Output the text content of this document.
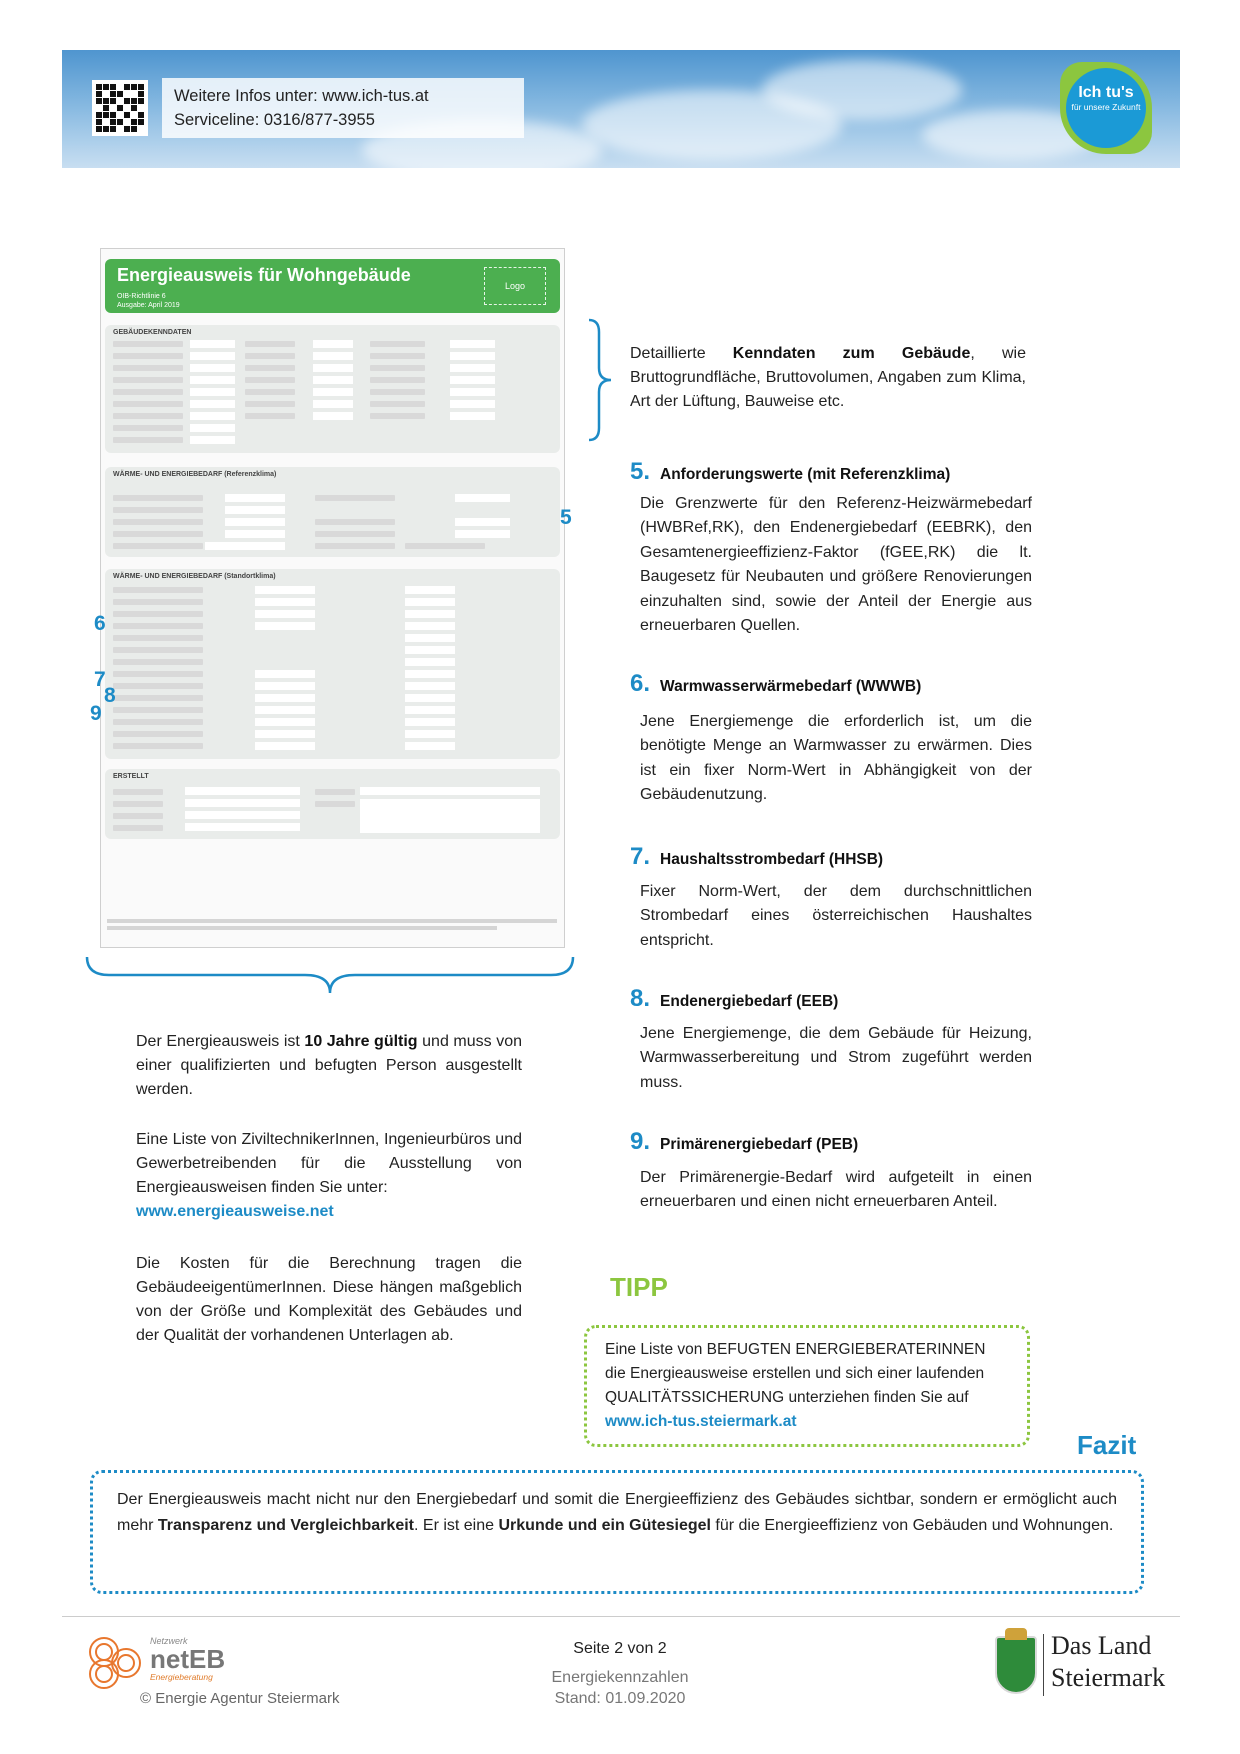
Weitere Infos unter: www.ich-tus.at
Serviceline: 0316/877-3955
Ich tu's
für unsere Zukunft
Energieausweis für Wohngebäude
OIB-Richtlinie 6
Ausgabe: April 2019
Logo
GEBÄUDEKENNDATEN
WÄRME- UND ENERGIEBEDARF (Referenzklima)
WÄRME- UND ENERGIEBEDARF (Standortklima)
ERSTELLT
5
6
7
8
9
Detaillierte Kenndaten zum Gebäude, wie Bruttogrundfläche, Bruttovolumen, Angaben zum Klima, Art der Lüftung, Bauweise etc.
5. Anforderungswerte (mit Referenzklima)
Die Grenzwerte für den Referenz-Heizwärmebedarf (HWBRef,RK), den Endenergiebedarf (EEBRK), den Gesamtenergieeffizienz-Faktor (fGEE,RK) die lt. Baugesetz für Neubauten und größere Renovierungen einzuhalten sind, sowie der Anteil der Energie aus erneuerbaren Quellen.
6. Warmwasserwärmebedarf (WWWB)
Jene Energiemenge die erforderlich ist, um die benötigte Menge an Warmwasser zu erwärmen. Dies ist ein fixer Norm-Wert in Abhängigkeit von der Gebäudenutzung.
7. Haushaltsstrombedarf (HHSB)
Fixer Norm-Wert, der dem durchschnittlichen Strombedarf eines österreichischen Haushaltes entspricht.
8. Endenergiebedarf (EEB)
Jene Energiemenge, die dem Gebäude für Heizung, Warmwasserbereitung und Strom zugeführt werden muss.
9. Primärenergiebedarf (PEB)
Der Primärenergie-Bedarf wird aufgeteilt in einen erneuerbaren und einen nicht erneuerbaren Anteil.
Der Energieausweis ist 10 Jahre gültig und muss von einer qualifizierten und befugten Person ausgestellt werden.
Eine Liste von ZiviltechnikerInnen, Ingenieurbüros und Gewerbetreibenden für die Ausstellung von Energieausweisen finden Sie unter:
www.energieausweise.net
Die Kosten für die Berechnung tragen die GebäudeeigentümerInnen. Diese hängen maßgeblich von der Größe und Komplexität des Gebäudes und der Qualität der vorhandenen Unterlagen ab.
TIPP
Eine Liste von BEFUGTEN ENERGIEBERATERINNEN die Energieausweise erstellen und sich einer laufenden QUALITÄTSSICHERUNG unterziehen finden Sie auf www.ich-tus.steiermark.at
Fazit
Der Energieausweis macht nicht nur den Energiebedarf und somit die Energieeffizienz des Gebäudes sichtbar, sondern er ermöglicht auch mehr Transparenz und Vergleichbarkeit. Er ist eine Urkunde und ein Gütesiegel für die Energieeffizienz von Gebäuden und Wohnungen.
Netzwerk
netEB
Energieberatung
© Energie Agentur Steiermark
Seite 2 von 2
Energiekennzahlen
Stand: 01.09.2020
Das Land
Steiermark
